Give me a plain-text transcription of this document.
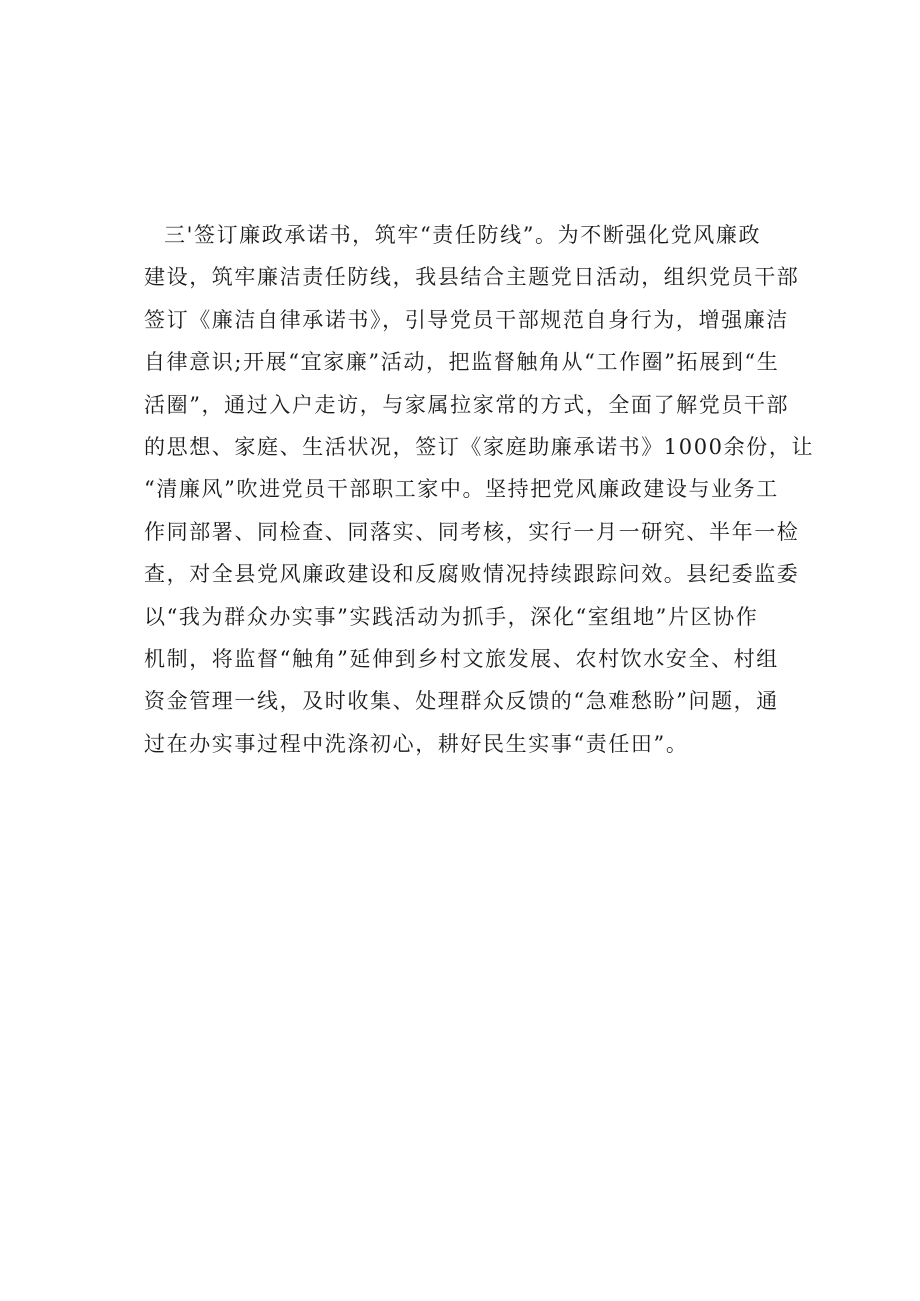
三'签订廉政承诺书，筑牢“责任防线”。为不断强化党风廉政
建设，筑牢廉洁责任防线，我县结合主题党日活动，组织党员干部
签订《廉洁自律承诺书》，引导党员干部规范自身行为，增强廉洁
自律意识;开展“宜家廉”活动，把监督触角从“工作圈”拓展到“生
活圈”，通过入户走访，与家属拉家常的方式，全面了解党员干部
的思想、家庭、生活状况，签订《家庭助廉承诺书》1000余份，让
“清廉风”吹进党员干部职工家中。坚持把党风廉政建设与业务工
作同部署、同检查、同落实、同考核，实行一月一研究、半年一检
查，对全县党风廉政建设和反腐败情况持续跟踪问效。县纪委监委
以“我为群众办实事”实践活动为抓手，深化“室组地”片区协作
机制，将监督“触角”延伸到乡村文旅发展、农村饮水安全、村组
资金管理一线，及时收集、处理群众反馈的“急难愁盼”问题，通
过在办实事过程中洗涤初心，耕好民生实事“责任田”。
